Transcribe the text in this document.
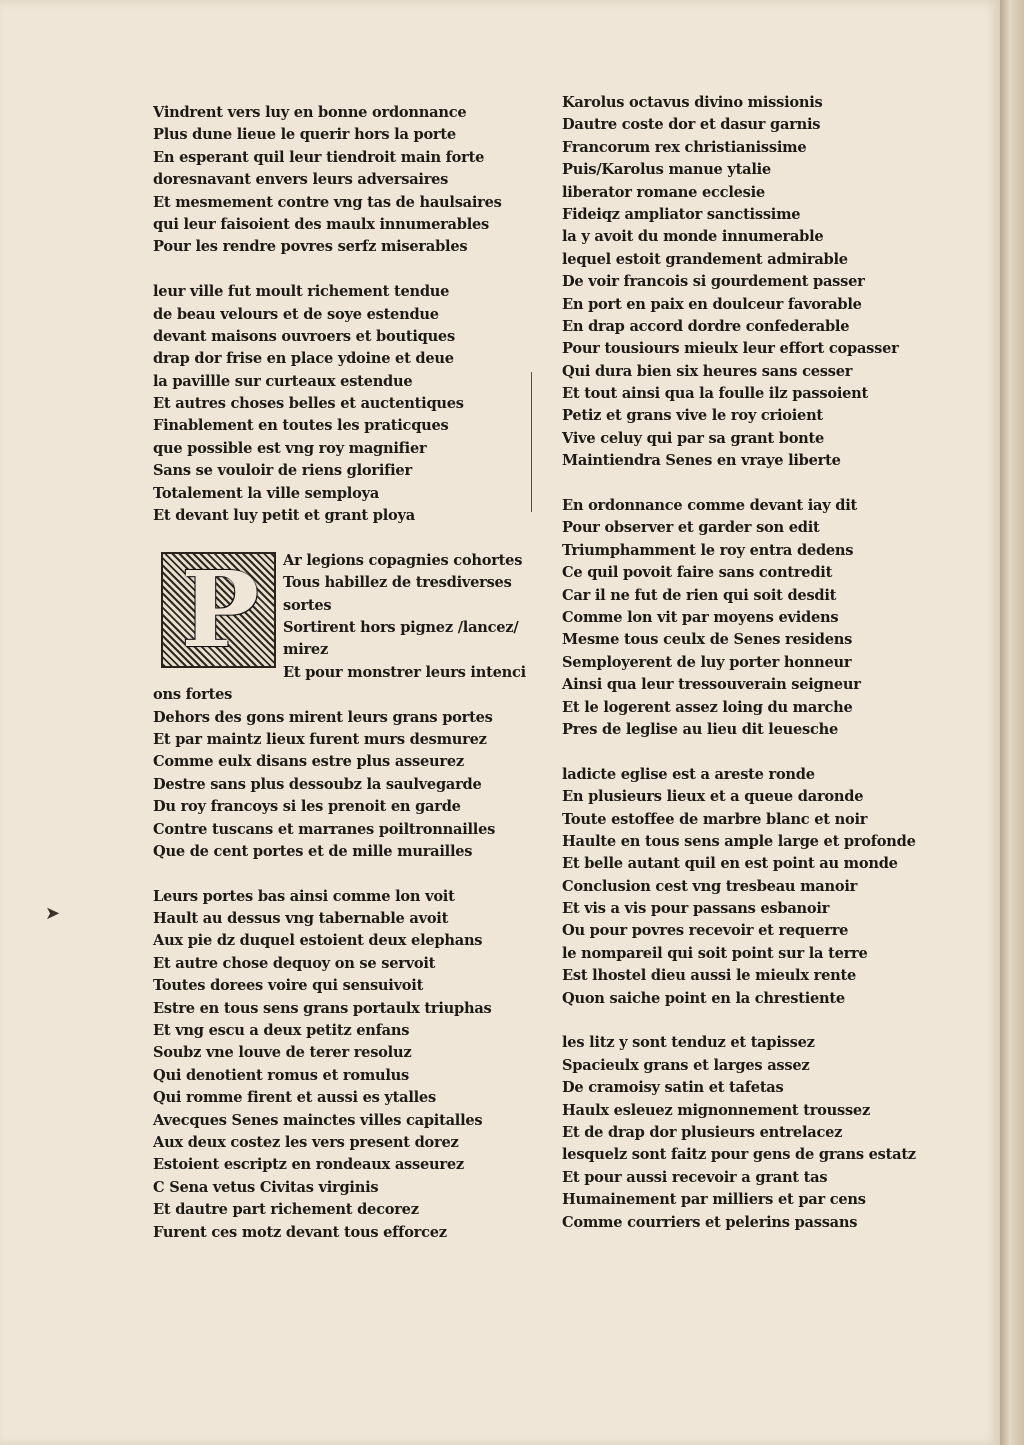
Vindrent vers luy en bonne ordonnance
Plus dune lieue le querir hors la porte
En esperant quil leur tiendroit main forte
doresnavant envers leurs adversaires
Et mesmement contre vng tas de haulsaires
qui leur faisoient des maulx innumerables
Pour les rendre povres serfz miserables
leur ville fut moult richement tendue
de beau velours et de soye estendue
devant maisons ouvroers et boutiques
drap dor frise en place ydoine et deue
la pavillle sur curteaux estendue
Et autres choses belles et auctentiques
Finablement en toutes les praticques
que possible est vng roy magnifier
Sans se vouloir de riens glorifier
Totalement la ville semploya
Et devant luy petit et grant ploya
P	Ar legions copagnies cohortes
Tous habillez de tresdiverses
sortes
Sortirent hors pignez /lancez/
mirez
Et pour monstrer leurs intenci
ons fortes
Dehors des gons mirent leurs grans portes
Et par maintz lieux furent murs desmurez
Comme eulx disans estre plus asseurez
Destre sans plus dessoubz la saulvegarde
Du roy francoys si les prenoit en garde
Contre tuscans et marranes poiltronnailles
Que de cent portes et de mille murailles
Leurs portes bas ainsi comme lon voit
Hault au dessus vng tabernable avoit
Aux pie dz duquel estoient deux elephans
Et autre chose dequoy on se servoit
Toutes dorees voire qui sensuivoit
Estre en tous sens grans portaulx triuphas
Et vng escu a deux petitz enfans
Soubz vne louve de terer resoluz
Qui denotient romus et romulus
Qui romme firent et aussi es ytalles
Avecques Senes mainctes villes capitalles
Aux deux costez les vers present dorez
Estoient escriptz en rondeaux asseurez
C Sena vetus Civitas virginis
Et dautre part richement decorez
Furent ces motz devant tous efforcez
Karolus octavus divino missionis
Dautre coste dor et dasur garnis
Francorum rex christianissime
Puis/Karolus manue ytalie
liberator romane ecclesie
Fideiqz ampliator sanctissime
la y avoit du monde innumerable
lequel estoit grandement admirable
De voir francois si gourdement passer
En port en paix en doulceur favorable
En drap accord dordre confederable
Pour tousiours mieulx leur effort copasser
Qui dura bien six heures sans cesser
Et tout ainsi qua la foulle ilz passoient
Petiz et grans vive le roy crioient
Vive celuy qui par sa grant bonte
Maintiendra Senes en vraye liberte
En ordonnance comme devant iay dit
Pour observer et garder son edit
Triumphamment le roy entra dedens
Ce quil povoit faire sans contredit
Car il ne fut de rien qui soit desdit
Comme lon vit par moyens evidens
Mesme tous ceulx de Senes residens
Semployerent de luy porter honneur
Ainsi qua leur tressouverain seigneur
Et le logerent assez loing du marche
Pres de leglise au lieu dit leuesche
ladicte eglise est a areste ronde
En plusieurs lieux et a queue daronde
Toute estoffee de marbre blanc et noir
Haulte en tous sens ample large et profonde
Et belle autant quil en est point au monde
Conclusion cest vng tresbeau manoir
Et vis a vis pour passans esbanoir
Ou pour povres recevoir et requerre
le nompareil qui soit point sur la terre
Est lhostel dieu aussi le mieulx rente
Quon saiche point en la chrestiente
les litz y sont tenduz et tapissez
Spacieulx grans et larges assez
De cramoisy satin et tafetas
Haulx esleuez mignonnement troussez
Et de drap dor plusieurs entrelacez
lesquelz sont faitz pour gens de grans estatz
Et pour aussi recevoir a grant tas
Humainement par milliers et par cens
Comme courriers et pelerins passans
➤
